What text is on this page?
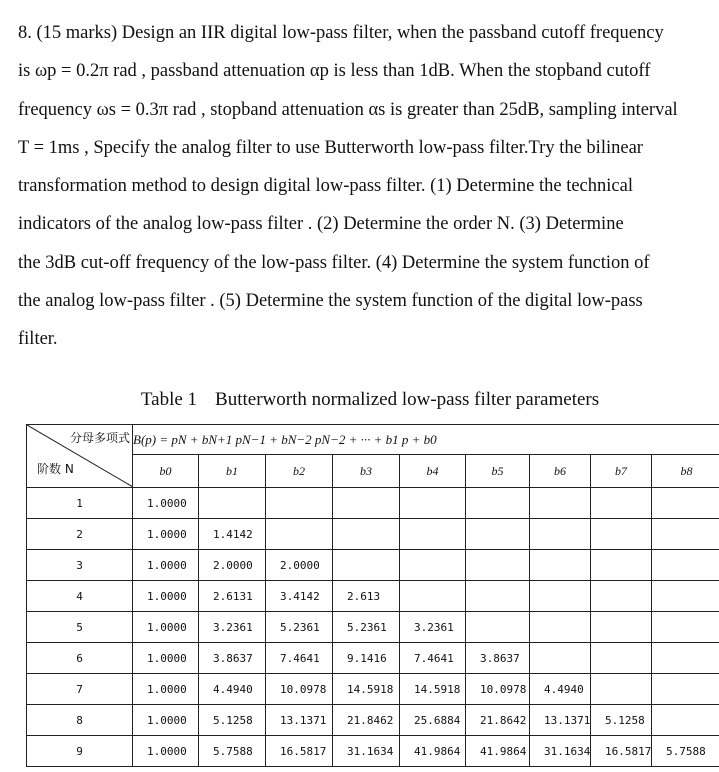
8. (15 marks) Design an IIR digital low-pass filter, when the passband cutoff frequency
is ωp = 0.2π rad , passband attenuation αp is less than 1dB. When the stopband cutoff
frequency ωs = 0.3π rad , stopband attenuation αs is greater than 25dB, sampling interval
T = 1ms , Specify the analog filter to use Butterworth low-pass filter.Try the bilinear
transformation method to design digital low-pass filter. (1) Determine the technical
indicators of the analog low-pass filter . (2) Determine the order N. (3) Determine
the 3dB cut-off frequency of the low-pass filter. (4) Determine the system function of
the analog low-pass filter . (5) Determine the system function of the digital low-pass
filter.
Table 1 Butterworth normalized low-pass filter parameters
分母多项式
阶数 N	B(p) = pN + bN+1 pN−1 + bN−2 pN−2 + ··· + b1 p + b0								
	b0	b1	b2	b3	b4	b5	b6	b7	b8
1	1.0000								
2	1.0000	1.4142							
3	1.0000	2.0000	2.0000						
4	1.0000	2.6131	3.4142	2.613					
5	1.0000	3.2361	5.2361	5.2361	3.2361				
6	1.0000	3.8637	7.4641	9.1416	7.4641	3.8637			
7	1.0000	4.4940	10.0978	14.5918	14.5918	10.0978	4.4940		
8	1.0000	5.1258	13.1371	21.8462	25.6884	21.8642	13.1371	5.1258	
9	1.0000	5.7588	16.5817	31.1634	41.9864	41.9864	31.1634	16.5817	5.7588
